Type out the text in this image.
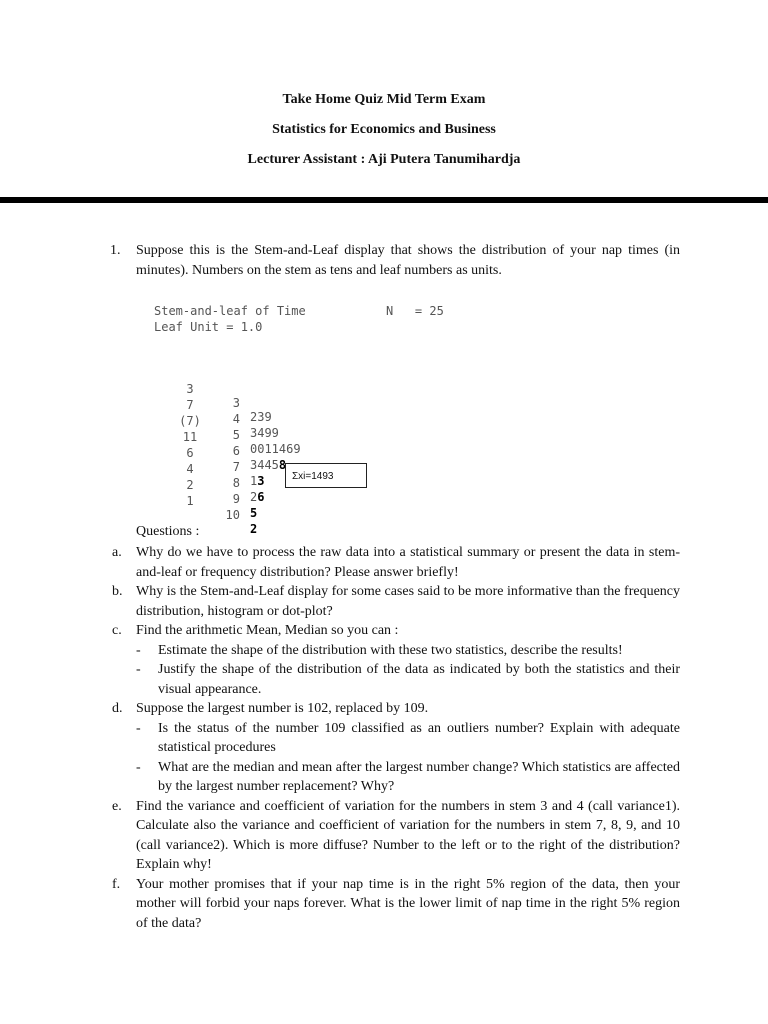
Take Home Quiz Mid Term Exam
Statistics for Economics and Business
Lecturer Assistant : Aji Putera Tanumihardja
1. Suppose this is the Stem-and-Leaf display that shows the distribution of your nap times (in minutes). Numbers on the stem as tens and leaf numbers as units.
Stem-and-leaf of Time	N   = 25
Leaf Unit = 1.0

3

3

239

7

4

3499

(7)

5

0011469

11

6

34458

6

7

13

4

8

26

2

9

5

1

10

2

Σxi=1493
Questions :
a. Why do we have to process the raw data into a statistical summary or present the data in stem-and-leaf or frequency distribution? Please answer briefly!
b. Why is the Stem-and-Leaf display for some cases said to be more informative than the frequency distribution, histogram or dot-plot?
c. Find the arithmetic Mean, Median so you can :
- Estimate the shape of the distribution with these two statistics, describe the results!
- Justify the shape of the distribution of the data as indicated by both the statistics and their visual appearance.
d. Suppose the largest number is 102, replaced by 109.
- Is the status of the number 109 classified as an outliers number? Explain with adequate statistical procedures
- What are the median and mean after the largest number change? Which statistics are affected by the largest number replacement? Why?
e. Find the variance and coefficient of variation for the numbers in stem 3 and 4 (call variance1). Calculate also the variance and coefficient of variation for the numbers in stem 7, 8, 9, and 10 (call variance2). Which is more diffuse? Number to the left or to the right of the distribution? Explain why!
f. Your mother promises that if your nap time is in the right 5% region of the data, then your mother will forbid your naps forever. What is the lower limit of nap time in the right 5% region of the data?
